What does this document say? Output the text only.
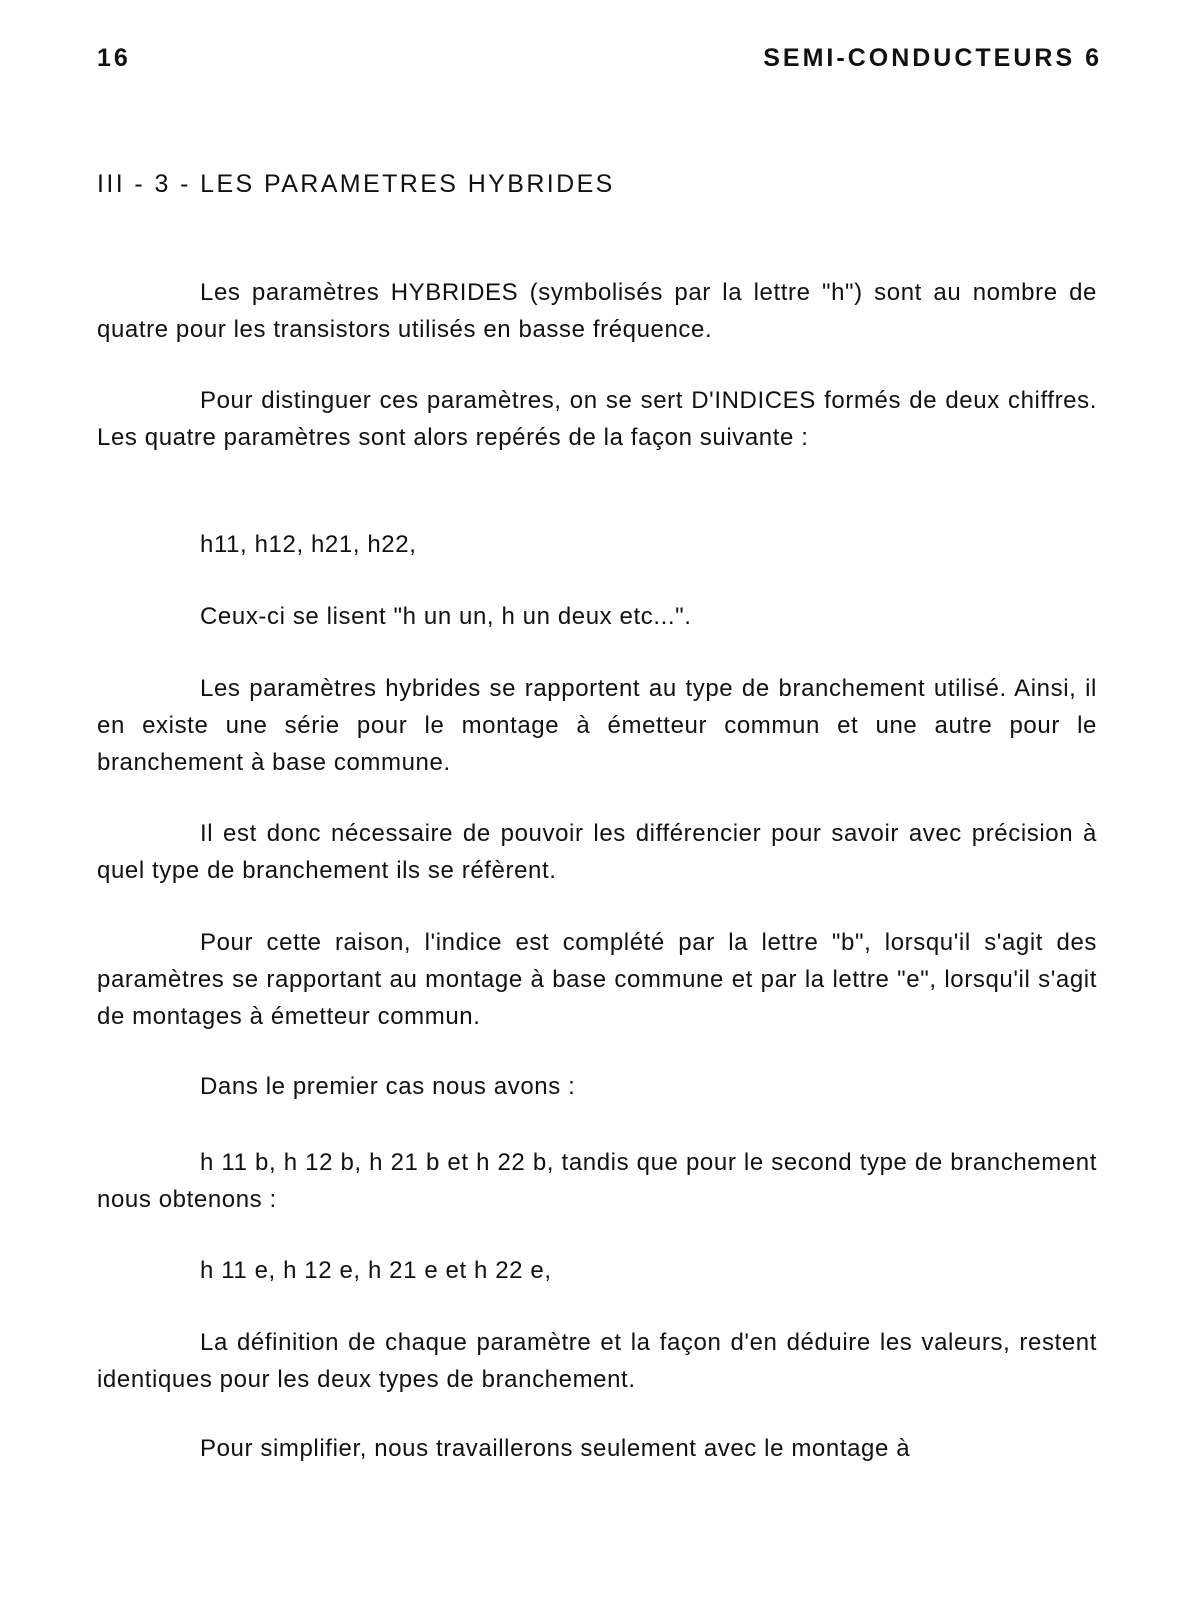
16	SEMI-CONDUCTEURS 6
III - 3 - LES PARAMETRES HYBRIDES

Les paramètres HYBRIDES (symbolisés par la lettre "h") sont au nombre de quatre pour les transistors utilisés en basse fréquence.

Pour distinguer ces paramètres, on se sert D'INDICES formés de deux chiffres. Les quatre paramètres sont alors repérés de la façon suivante :

h11, h12, h21, h22,

Ceux-ci se lisent "h un un, h un deux etc...".

Les paramètres hybrides se rapportent au type de branchement utilisé. Ainsi, il en existe une série pour le montage à émetteur commun et une autre pour le branchement à base commune.

Il est donc nécessaire de pouvoir les différencier pour savoir avec précision à quel type de branchement ils se réfèrent.

Pour cette raison, l'indice est complété par la lettre "b", lorsqu'il s'agit des paramètres se rapportant au montage à base commune et par la lettre "e", lorsqu'il s'agit de montages à émetteur commun.

Dans le premier cas nous avons :

h 11 b, h 12 b, h 21 b et h 22 b, tandis que pour le second type de branchement nous obtenons :

h 11 e, h 12 e, h 21 e et h 22 e,

La définition de chaque paramètre et la façon d'en déduire les valeurs, restent identiques pour les deux types de branchement.

Pour simplifier, nous travaillerons seulement avec le montage à
